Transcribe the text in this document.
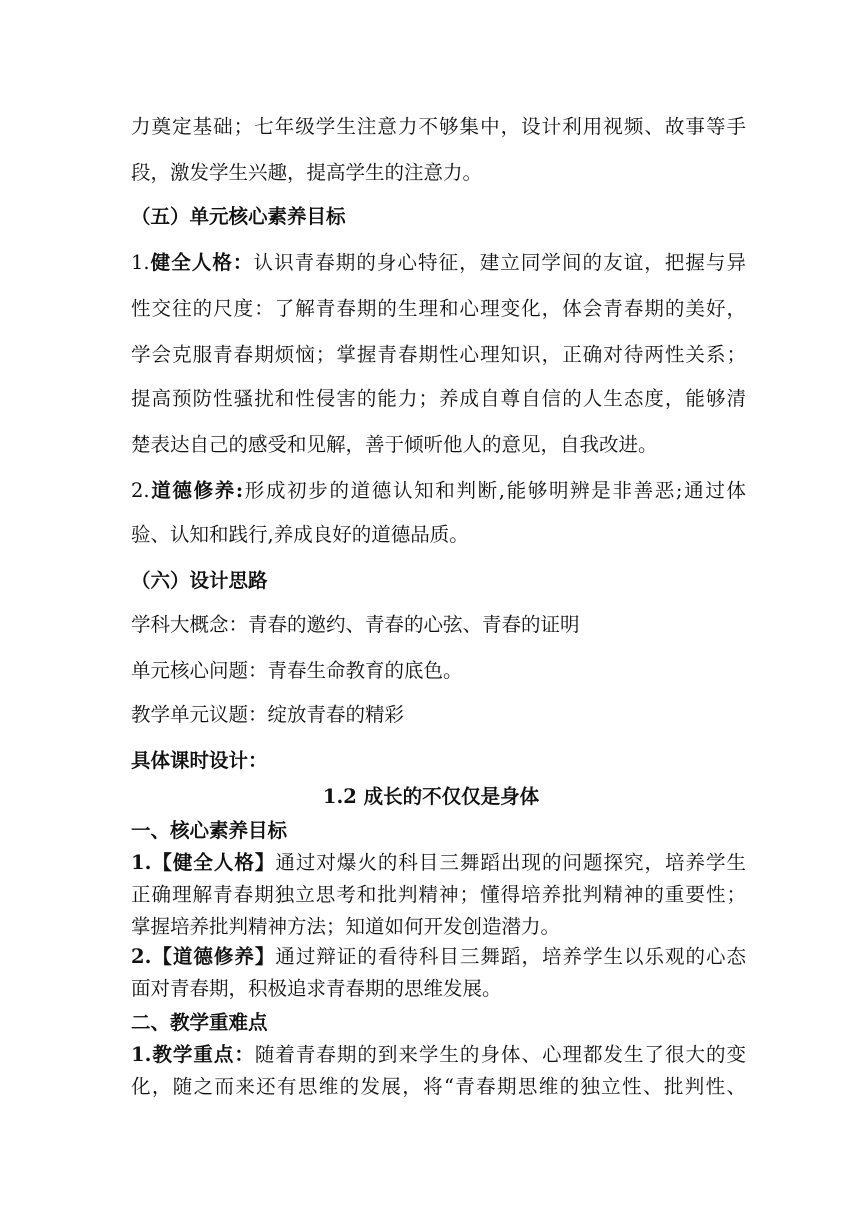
力奠定基础；七年级学生注意力不够集中，设计利用视频、故事等手
段，激发学生兴趣，提高学生的注意力。
（五）单元核心素养目标
1.健全人格：认识青春期的身心特征，建立同学间的友谊，把握与异
性交往的尺度：了解青春期的生理和心理变化，体会青春期的美好，
学会克服青春期烦恼；掌握青春期性心理知识，正确对待两性关系；
提高预防性骚扰和性侵害的能力；养成自尊自信的人生态度，能够清
楚表达自己的感受和见解，善于倾听他人的意见，自我改进。
2.道德修养:形成初步的道德认知和判断,能够明辨是非善恶;通过体
验、认知和践行,养成良好的道德品质。
（六）设计思路
学科大概念：青春的邀约、青春的心弦、青春的证明
单元核心问题：青春生命教育的底色。
教学单元议题：绽放青春的精彩
具体课时设计：
1.2 成长的不仅仅是身体
一、核心素养目标
1.【健全人格】通过对爆火的科目三舞蹈出现的问题探究，培养学生
正确理解青春期独立思考和批判精神；懂得培养批判精神的重要性；
掌握培养批判精神方法；知道如何开发创造潜力。
2.【道德修养】通过辩证的看待科目三舞蹈，培养学生以乐观的心态
面对青春期，积极追求青春期的思维发展。
二、教学重难点
1.教学重点：随着青春期的到来学生的身体、心理都发生了很大的变
化，随之而来还有思维的发展，将“青春期思维的独立性、批判性、
